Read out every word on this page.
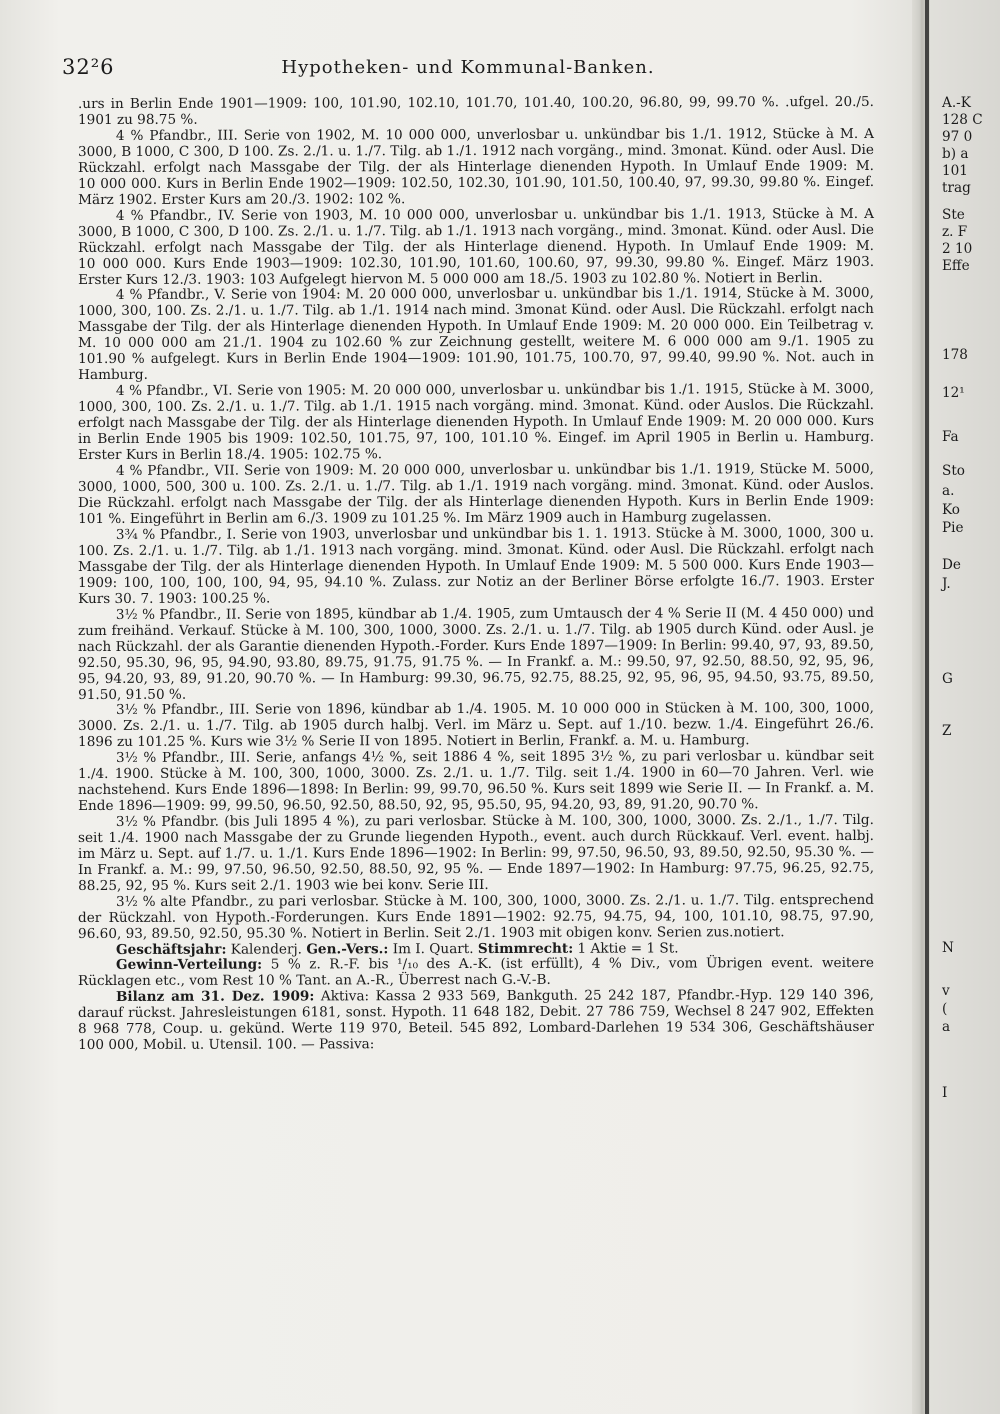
32²6	Hypotheken- und Kommunal-Banken.

.urs in Berlin Ende 1901—1909: 100, 101.90, 102.10, 101.70, 101.40, 100.20, 96.80, 99, 99.70 %. .ufgel. 20./5. 1901 zu 98.75 %.

4 % Pfandbr., III. Serie von 1902, M. 10 000 000, unverlosbar u. unkündbar bis 1./1. 1912, Stücke à M. A 3000, B 1000, C 300, D 100. Zs. 2./1. u. 1./7. Tilg. ab 1./1. 1912 nach vorgäng., mind. 3monat. Künd. oder Ausl. Die Rückzahl. erfolgt nach Massgabe der Tilg. der als Hinterlage dienenden Hypoth. In Umlauf Ende 1909: M. 10 000 000. Kurs in Berlin Ende 1902—1909: 102.50, 102.30, 101.90, 101.50, 100.40, 97, 99.30, 99.80 %. Eingef. März 1902. Erster Kurs am 20./3. 1902: 102 %.

4 % Pfandbr., IV. Serie von 1903, M. 10 000 000, unverlosbar u. unkündbar bis 1./1. 1913, Stücke à M. A 3000, B 1000, C 300, D 100. Zs. 2./1. u. 1./7. Tilg. ab 1./1. 1913 nach vorgäng., mind. 3monat. Künd. oder Ausl. Die Rückzahl. erfolgt nach Massgabe der Tilg. der als Hinterlage dienend. Hypoth. In Umlauf Ende 1909: M. 10 000 000. Kurs Ende 1903—1909: 102.30, 101.90, 101.60, 100.60, 97, 99.30, 99.80 %. Eingef. März 1903. Erster Kurs 12./3. 1903: 103 Aufgelegt hiervon M. 5 000 000 am 18./5. 1903 zu 102.80 %. Notiert in Berlin.

4 % Pfandbr., V. Serie von 1904: M. 20 000 000, unverlosbar u. unkündbar bis 1./1. 1914, Stücke à M. 3000, 1000, 300, 100. Zs. 2./1. u. 1./7. Tilg. ab 1./1. 1914 nach mind. 3monat Künd. oder Ausl. Die Rückzahl. erfolgt nach Massgabe der Tilg. der als Hinterlage dienenden Hypoth. In Umlauf Ende 1909: M. 20 000 000. Ein Teilbetrag v. M. 10 000 000 am 21./1. 1904 zu 102.60 % zur Zeichnung gestellt, weitere M. 6 000 000 am 9./1. 1905 zu 101.90 % aufgelegt. Kurs in Berlin Ende 1904—1909: 101.90, 101.75, 100.70, 97, 99.40, 99.90 %. Not. auch in Hamburg.

4 % Pfandbr., VI. Serie von 1905: M. 20 000 000, unverlosbar u. unkündbar bis 1./1. 1915, Stücke à M. 3000, 1000, 300, 100. Zs. 2./1. u. 1./7. Tilg. ab 1./1. 1915 nach vorgäng. mind. 3monat. Künd. oder Auslos. Die Rückzahl. erfolgt nach Massgabe der Tilg. der als Hinterlage dienenden Hypoth. In Umlauf Ende 1909: M. 20 000 000. Kurs in Berlin Ende 1905 bis 1909: 102.50, 101.75, 97, 100, 101.10 %. Eingef. im April 1905 in Berlin u. Hamburg. Erster Kurs in Berlin 18./4. 1905: 102.75 %.

4 % Pfandbr., VII. Serie von 1909: M. 20 000 000, unverlosbar u. unkündbar bis 1./1. 1919, Stücke M. 5000, 3000, 1000, 500, 300 u. 100. Zs. 2./1. u. 1./7. Tilg. ab 1./1. 1919 nach vorgäng. mind. 3monat. Künd. oder Auslos. Die Rückzahl. erfolgt nach Massgabe der Tilg. der als Hinterlage dienenden Hypoth. Kurs in Berlin Ende 1909: 101 %. Eingeführt in Berlin am 6./3. 1909 zu 101.25 %. Im März 1909 auch in Hamburg zugelassen.

3¾ % Pfandbr., I. Serie von 1903, unverlosbar und unkündbar bis 1. 1. 1913. Stücke à M. 3000, 1000, 300 u. 100. Zs. 2./1. u. 1./7. Tilg. ab 1./1. 1913 nach vorgäng. mind. 3monat. Künd. oder Ausl. Die Rückzahl. erfolgt nach Massgabe der Tilg. der als Hinterlage dienenden Hypoth. In Umlauf Ende 1909: M. 5 500 000. Kurs Ende 1903—1909: 100, 100, 100, 100, 94, 95, 94.10 %. Zulass. zur Notiz an der Berliner Börse erfolgte 16./7. 1903. Erster Kurs 30. 7. 1903: 100.25 %.

3½ % Pfandbr., II. Serie von 1895, kündbar ab 1./4. 1905, zum Umtausch der 4 % Serie II (M. 4 450 000) und zum freihänd. Verkauf. Stücke à M. 100, 300, 1000, 3000. Zs. 2./1. u. 1./7. Tilg. ab 1905 durch Künd. oder Ausl. je nach Rückzahl. der als Garantie dienenden Hypoth.-Forder. Kurs Ende 1897—1909: In Berlin: 99.40, 97, 93, 89.50, 92.50, 95.30, 96, 95, 94.90, 93.80, 89.75, 91.75, 91.75 %. — In Frankf. a. M.: 99.50, 97, 92.50, 88.50, 92, 95, 96, 95, 94.20, 93, 89, 91.20, 90.70 %. — In Hamburg: 99.30, 96.75, 92.75, 88.25, 92, 95, 96, 95, 94.50, 93.75, 89.50, 91.50, 91.50 %.

3½ % Pfandbr., III. Serie von 1896, kündbar ab 1./4. 1905. M. 10 000 000 in Stücken à M. 100, 300, 1000, 3000. Zs. 2./1. u. 1./7. Tilg. ab 1905 durch halbj. Verl. im März u. Sept. auf 1./10. bezw. 1./4. Eingeführt 26./6. 1896 zu 101.25 %. Kurs wie 3½ % Serie II von 1895. Notiert in Berlin, Frankf. a. M. u. Hamburg.

3½ % Pfandbr., III. Serie, anfangs 4½ %, seit 1886 4 %, seit 1895 3½ %, zu pari verlosbar u. kündbar seit 1./4. 1900. Stücke à M. 100, 300, 1000, 3000. Zs. 2./1. u. 1./7. Tilg. seit 1./4. 1900 in 60—70 Jahren. Verl. wie nachstehend. Kurs Ende 1896—1898: In Berlin: 99, 99.70, 96.50 %. Kurs seit 1899 wie Serie II. — In Frankf. a. M. Ende 1896—1909: 99, 99.50, 96.50, 92.50, 88.50, 92, 95, 95.50, 95, 94.20, 93, 89, 91.20, 90.70 %.

3½ % Pfandbr. (bis Juli 1895 4 %), zu pari verlosbar. Stücke à M. 100, 300, 1000, 3000. Zs. 2./1., 1./7. Tilg. seit 1./4. 1900 nach Massgabe der zu Grunde liegenden Hypoth., event. auch durch Rückkauf. Verl. event. halbj. im März u. Sept. auf 1./7. u. 1./1. Kurs Ende 1896—1902: In Berlin: 99, 97.50, 96.50, 93, 89.50, 92.50, 95.30 %. — In Frankf. a. M.: 99, 97.50, 96.50, 92.50, 88.50, 92, 95 %. — Ende 1897—1902: In Hamburg: 97.75, 96.25, 92.75, 88.25, 92, 95 %. Kurs seit 2./1. 1903 wie bei konv. Serie III.

3½ % alte Pfandbr., zu pari verlosbar. Stücke à M. 100, 300, 1000, 3000. Zs. 2./1. u. 1./7. Tilg. entsprechend der Rückzahl. von Hypoth.-Forderungen. Kurs Ende 1891—1902: 92.75, 94.75, 94, 100, 101.10, 98.75, 97.90, 96.60, 93, 89.50, 92.50, 95.30 %. Notiert in Berlin. Seit 2./1. 1903 mit obigen konv. Serien zus.notiert.

Geschäftsjahr: Kalenderj. Gen.-Vers.: Im I. Quart. Stimmrecht: 1 Aktie = 1 St.

Gewinn-Verteilung: 5 % z. R.-F. bis ¹/₁₀ des A.-K. (ist erfüllt), 4 % Div., vom Übrigen event. weitere Rücklagen etc., vom Rest 10 % Tant. an A.-R., Überrest nach G.-V.-B.

Bilanz am 31. Dez. 1909: Aktiva: Kassa 2 933 569, Bankguth. 25 242 187, Pfandbr.-Hyp. 129 140 396, darauf rückst. Jahresleistungen 6181, sonst. Hypoth. 11 648 182, Debit. 27 786 759, Wechsel 8 247 902, Effekten 8 968 778, Coup. u. gekünd. Werte 119 970, Beteil. 545 892, Lombard-Darlehen 19 534 306, Geschäftshäuser 100 000, Mobil. u. Utensil. 100. — Passiva:

A.-K
128 C
97 0
b) a
101
trag
Ste
z. F
2 10
Effe
178
12¹
Fa
Sto
a.
Ko
Pie
De
J.
G
Z
N
v
(
a
I
